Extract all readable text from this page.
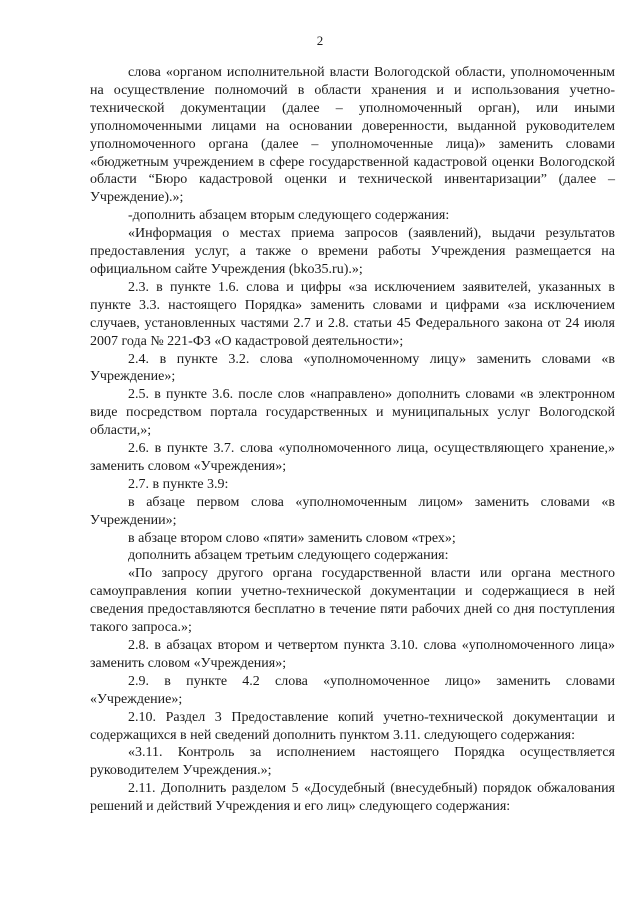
2

слова «органом исполнительной власти Вологодской области, уполномоченным на осуществление полномочий в области хранения и и использования учетно-технической документации (далее – уполномоченный орган), или иными уполномоченными лицами на основании доверенности, выданной руководителем уполномоченного органа (далее – уполномоченные лица)» заменить словами «бюджетным учреждением в сфере государственной кадастровой оценки Вологодской области “Бюро кадастровой оценки и технической инвентаризации” (далее – Учреждение).»;

-дополнить абзацем вторым следующего содержания:

«Информация о местах приема запросов (заявлений), выдачи результатов предоставления услуг, а также о времени работы Учреждения размещается на официальном сайте Учреждения (bko35.ru).»;

2.3. в пункте 1.6. слова и цифры «за исключением заявителей, указанных в пункте 3.3. настоящего Порядка» заменить словами и цифрами «за исключением случаев, установленных частями 2.7 и 2.8. статьи 45 Федерального закона от 24 июля 2007 года № 221-ФЗ «О кадастровой деятельности»;

2.4. в пункте 3.2. слова «уполномоченному лицу» заменить словами «в Учреждение»;

2.5. в пункте 3.6. после слов «направлено» дополнить словами «в электронном виде посредством портала государственных и муниципальных услуг Вологодской области,»;

2.6. в пункте 3.7. слова «уполномоченного лица, осуществляющего хранение,» заменить словом «Учреждения»;

2.7. в пункте 3.9:

в абзаце первом слова «уполномоченным лицом» заменить словами «в Учреждении»;

в абзаце втором слово «пяти» заменить словом «трех»;

дополнить абзацем третьим следующего содержания:

«По запросу другого органа государственной власти или органа местного самоуправления копии учетно-технической документации и содержащиеся в ней сведения предоставляются бесплатно в течение пяти рабочих дней со дня поступления такого запроса.»;

2.8. в абзацах втором и четвертом пункта 3.10. слова «уполномоченного лица» заменить словом «Учреждения»;

2.9. в пункте 4.2 слова «уполномоченное лицо» заменить словами «Учреждение»;

2.10. Раздел 3 Предоставление копий учетно-технической документации и содержащихся в ней сведений дополнить пунктом 3.11. следующего содержания:

«3.11. Контроль за исполнением настоящего Порядка осуществляется руководителем Учреждения.»;

2.11. Дополнить разделом 5 «Досудебный (внесудебный) порядок обжалования решений и действий Учреждения и его лиц» следующего содержания:
